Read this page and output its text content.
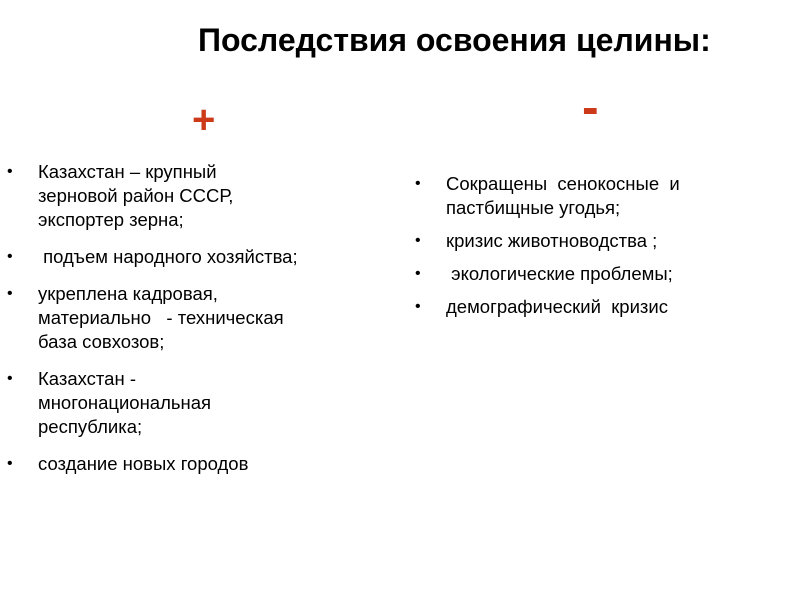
Последствия освоения целины:
+	-
• Казахстан – крупный
зерновой район СССР,
экспортер зерна;
• подъем народного хозяйства;
• укреплена кадровая,
материально   - техническая
база совхозов;
• Казахстан -
многонациональная
республика;
• создание новых городов
• Сокращены  сенокосные  и
пастбищные угодья;
• кризис животноводства ;
• экологические проблемы;
• демографический  кризис
